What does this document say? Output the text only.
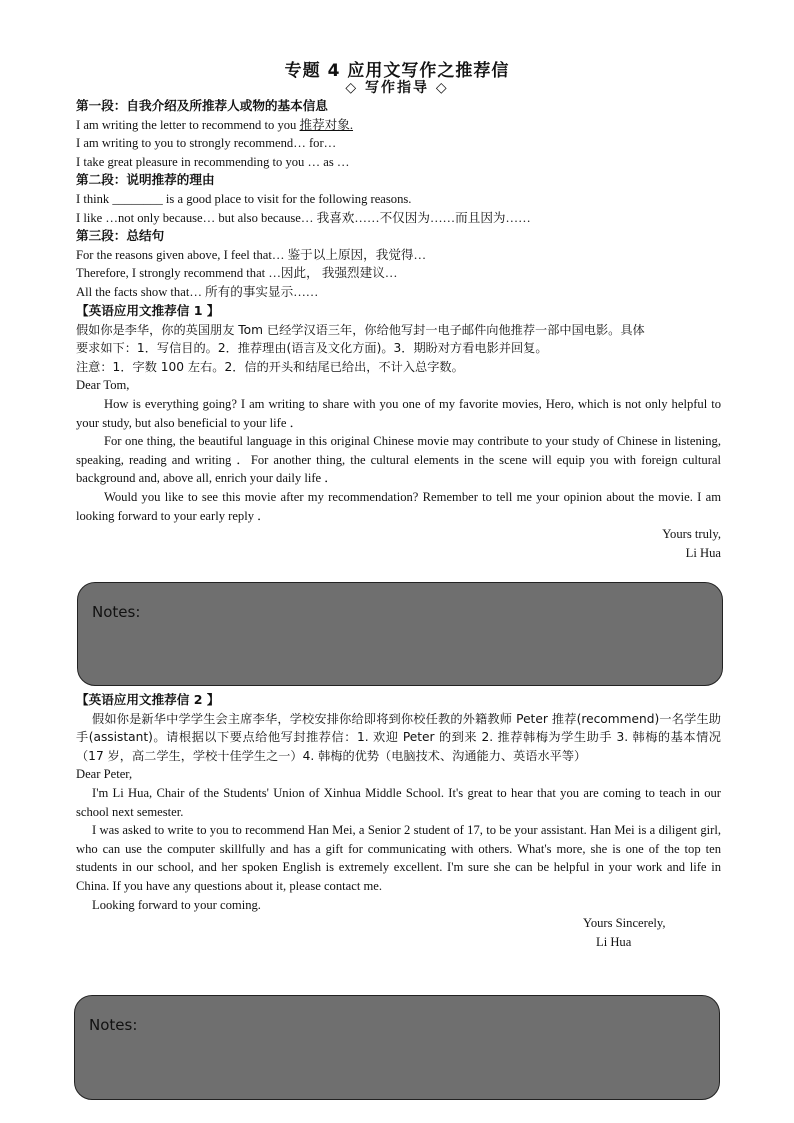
专题 4 应用文写作之推荐信
◇ 写作指导 ◇
第一段：自我介绍及所推荐人或物的基本信息
I am writing the letter to recommend to you 推荐对象.
I am writing to you to strongly recommend… for…
I take great pleasure in recommending to you … as …
第二段：说明推荐的理由
I think ________ is a good place to visit for the following reasons.
I like …not only because… but also because… 我喜欢……不仅因为……而且因为……
第三段：总结句
For the reasons given above, I feel that… 鉴于以上原因，我觉得…
Therefore, I strongly recommend that …因此， 我强烈建议…
All the facts show that… 所有的事实显示……
【英语应用文推荐信 1 】
假如你是李华，你的英国朋友 Tom 已经学汉语三年，你给他写封一电子邮件向他推荐一部中国电影。具体
要求如下：1．写信目的。2．推荐理由(语言及文化方面)。3．期盼对方看电影并回复。
注意：1．字数 100 左右。2．信的开头和结尾已给出，不计入总字数。
Dear Tom,
How is everything going? I am writing to share with you one of my favorite movies, Hero, which is not only helpful to your study, but also beneficial to your life ．
For one thing, the beautiful language in this original Chinese movie may contribute to your study of Chinese in listening, speaking, reading and writing ．For another thing, the cultural elements in the scene will equip you with foreign cultural background and, above all, enrich your daily life ．
Would you like to see this movie after my recommendation? Remember to tell me your opinion about the movie. I am looking forward to your early reply ．
Yours truly,
Li Hua
Notes:
【英语应用文推荐信 2 】
假如你是新华中学学生会主席李华，学校安排你给即将到你校任教的外籍教师 Peter 推荐(recommend)一名学生助手(assistant)。请根据以下要点给他写封推荐信：1. 欢迎 Peter 的到来 2. 推荐韩梅为学生助手 3. 韩梅的基本情况（17 岁，高二学生，学校十佳学生之一）4. 韩梅的优势（电脑技术、沟通能力、英语水平等）
Dear Peter,
I'm Li Hua, Chair of the Students' Union of Xinhua Middle School. It's great to hear that you are coming to teach in our school next semester.
I was asked to write to you to recommend Han Mei, a Senior 2 student of 17, to be your assistant. Han Mei is a diligent girl, who can use the computer skillfully and has a gift for communicating with others. What's more, she is one of the top ten students in our school, and her spoken English is extremely excellent. I'm sure she can be helpful in your work and life in China. If you have any questions about it, please contact me.
Looking forward to your coming.
Yours Sincerely,
Li Hua
Notes:
